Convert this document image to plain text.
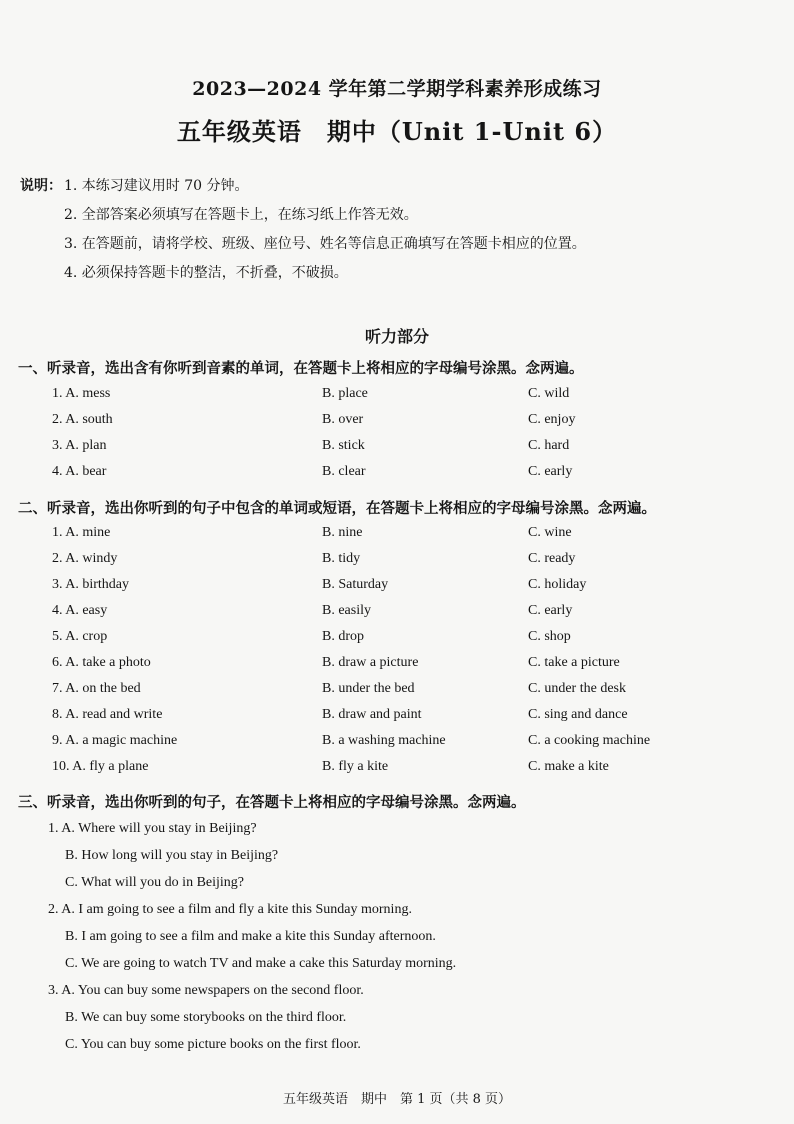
2023—2024 学年第二学期学科素养形成练习
五年级英语　期中（Unit 1-Unit 6）
说明： 1. 本练习建议用时 70 分钟。
2. 全部答案必须填写在答题卡上，在练习纸上作答无效。
3. 在答题前，请将学校、班级、座位号、姓名等信息正确填写在答题卡相应的位置。
4. 必须保持答题卡的整洁，不折叠，不破损。
听力部分
一、听录音，选出含有你听到音素的单词，在答题卡上将相应的字母编号涂黑。念两遍。
1. A. mess	B. place	C. wild
2. A. south	B. over	C. enjoy
3. A. plan	B. stick	C. hard
4. A. bear	B. clear	C. early
二、听录音，选出你听到的句子中包含的单词或短语，在答题卡上将相应的字母编号涂黑。念两遍。
1. A. mine	B. nine	C. wine
2. A. windy	B. tidy	C. ready
3. A. birthday	B. Saturday	C. holiday
4. A. easy	B. easily	C. early
5. A. crop	B. drop	C. shop
6. A. take a photo	B. draw a picture	C. take a picture
7. A. on the bed	B. under the bed	C. under the desk
8. A. read and write	B. draw and paint	C. sing and dance
9. A. a magic machine	B. a washing machine	C. a cooking machine
10. A. fly a plane	B. fly a kite	C. make a kite
三、听录音，选出你听到的句子，在答题卡上将相应的字母编号涂黑。念两遍。
1. A. Where will you stay in Beijing?
B. How long will you stay in Beijing?
C. What will you do in Beijing?
2. A. I am going to see a film and fly a kite this Sunday morning.
B. I am going to see a film and make a kite this Sunday afternoon.
C. We are going to watch TV and make a cake this Saturday morning.
3. A. You can buy some newspapers on the second floor.
B. We can buy some storybooks on the third floor.
C. You can buy some picture books on the first floor.
五年级英语　期中　第 1 页（共 8 页）
